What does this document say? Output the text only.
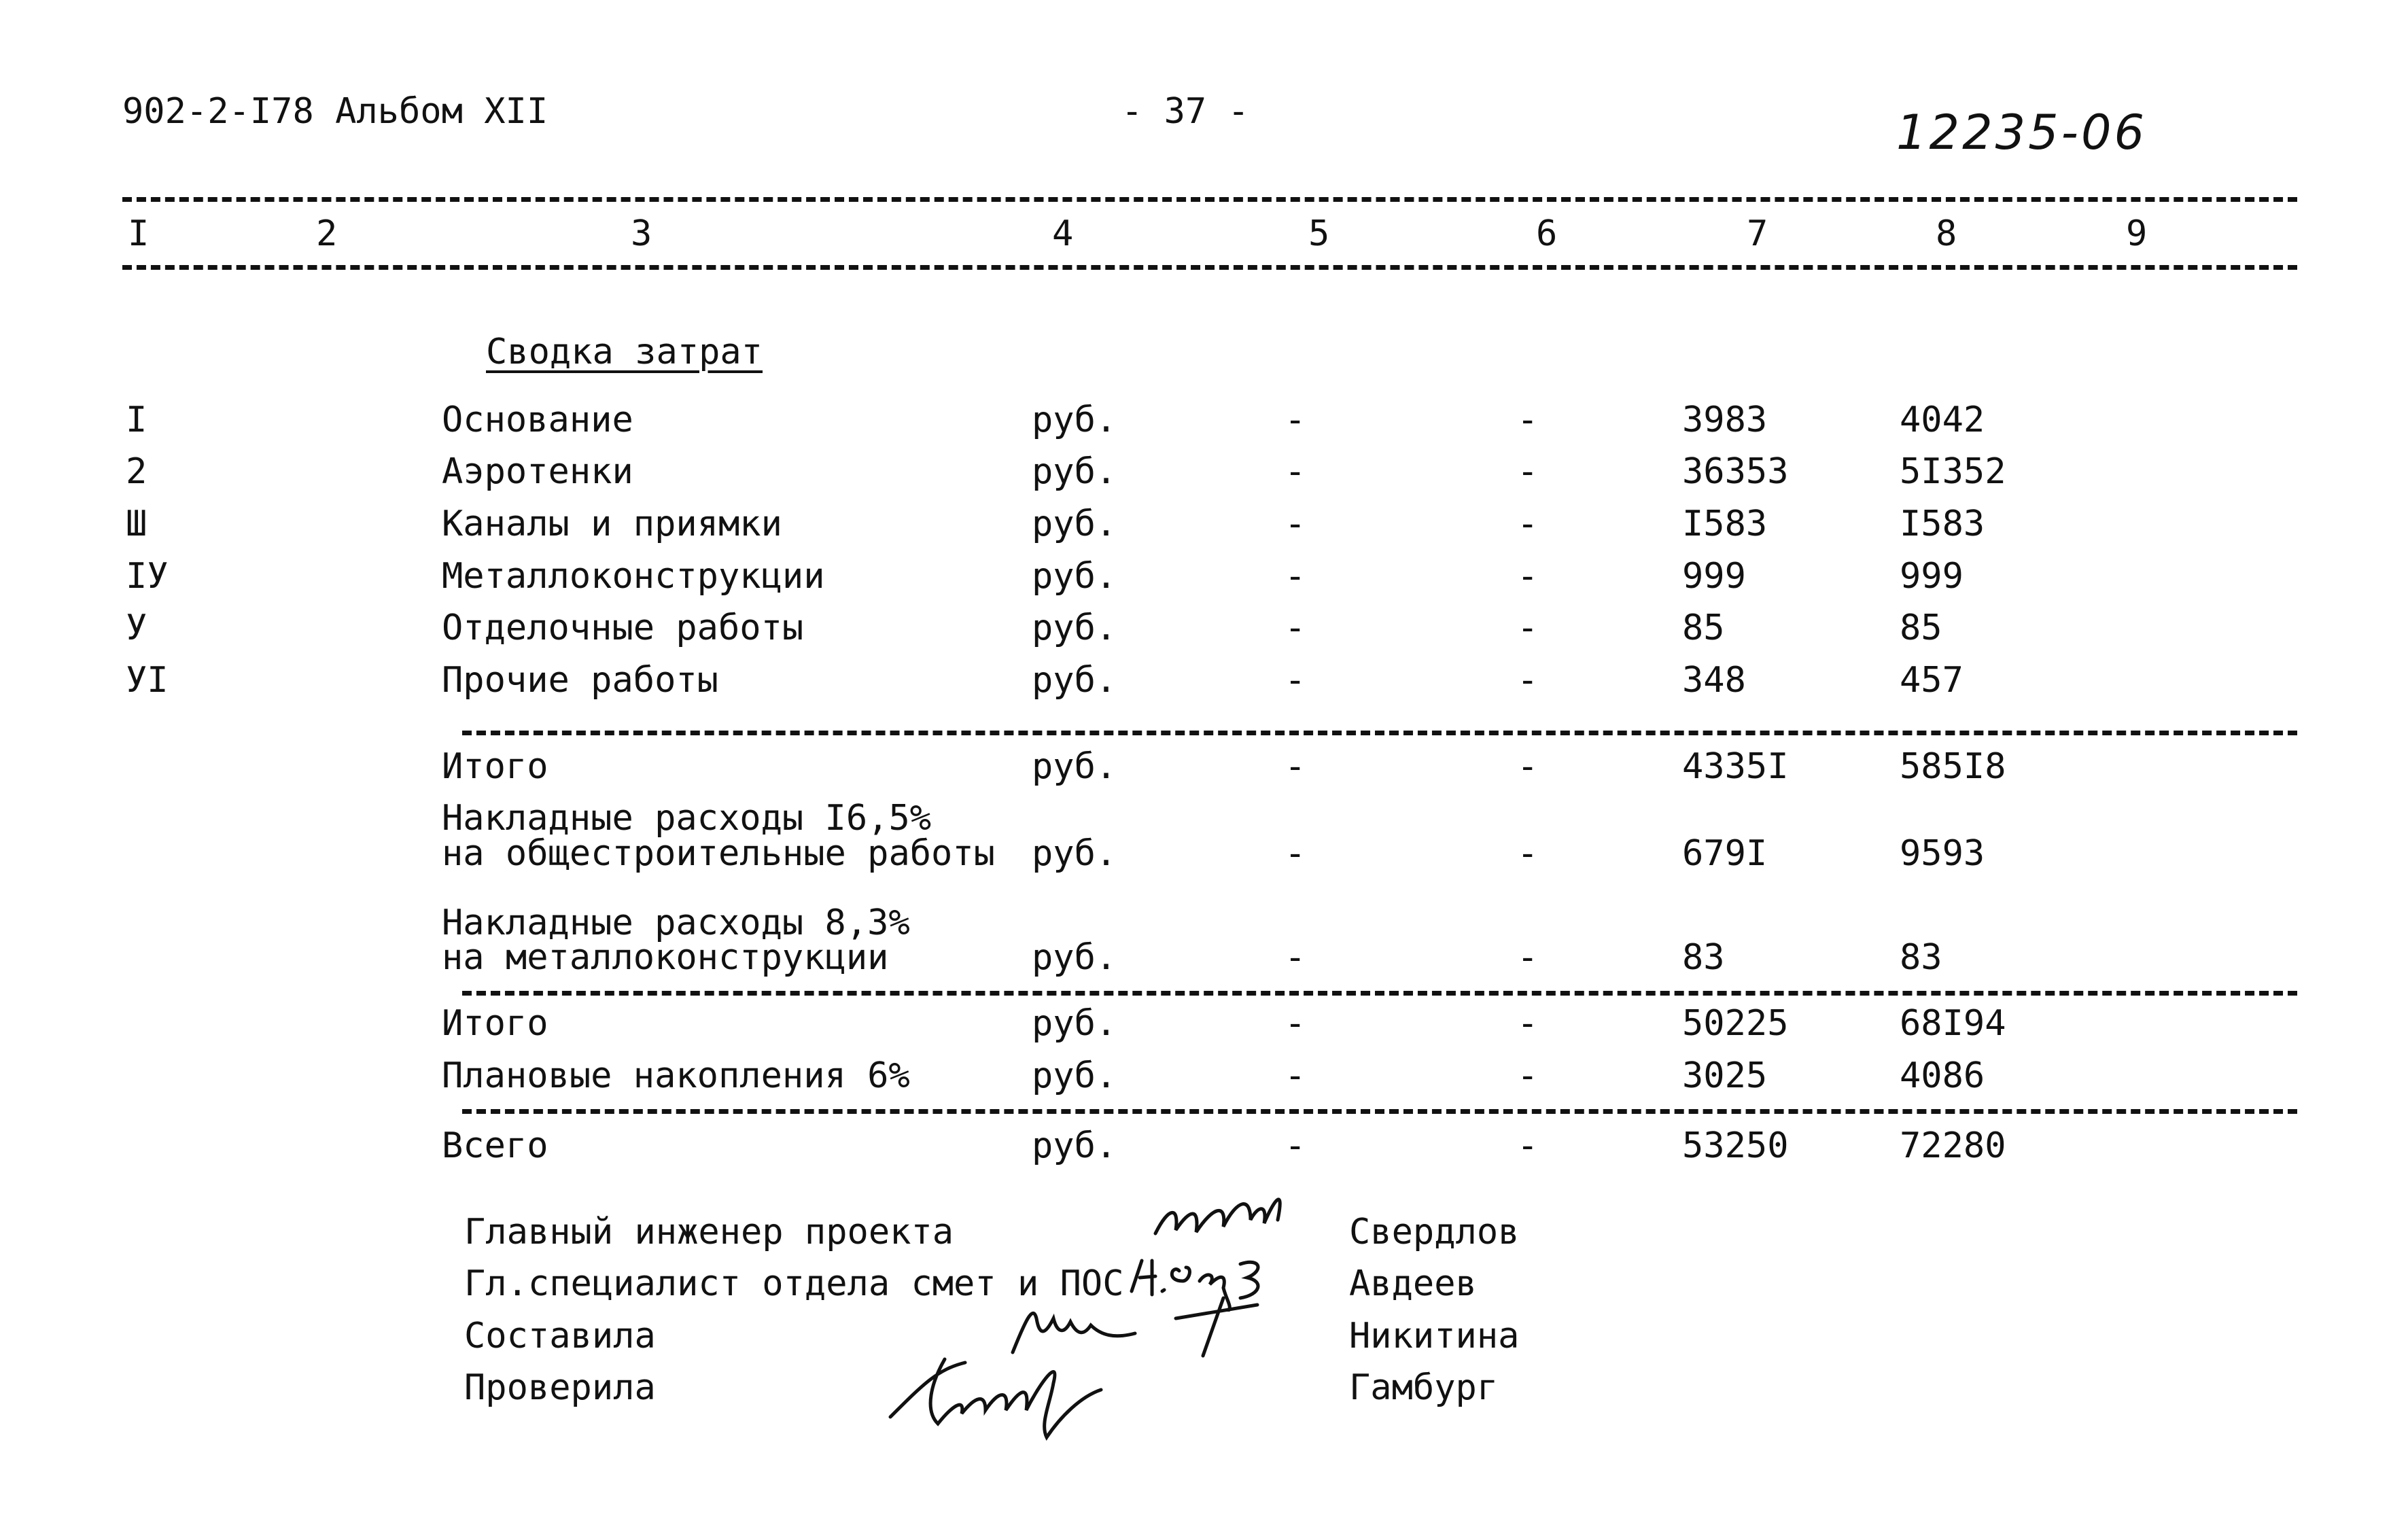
902-2-I78 Альбом XII	- 37 -	12235-06
I	2	3	4	5	6	7	8	9
Сводка затрат
I	Основание	руб.	-	-	3983	4042
2	Аэротенки	руб.	-	-	36353	5I352
Ш	Каналы и приямки	руб.	-	-	I583	I583
IУ	Металлоконструкции	руб.	-	-	999	999
У	Отделочные работы	руб.	-	-	85	85
УI	Прочие работы	руб.	-	-	348	457
Итого	руб.	-	-	4335I	585I8
Накладные расходы I6,5%
на общестроительные работы руб.	-	-	679I	9593
Накладные расходы 8,3%
на металлоконструкции	руб.	-	-	83	83
Итого	руб.	-	-	50225	68I94
Плановые накопления 6%	руб.	-	-	3025	4086
Всего	руб.	-	-	53250	72280
Главный инженер проекта	Свердлов
Гл.специалист отдела смет и ПОС	Авдеев
Составила	Никитина
Проверила	Гамбург
